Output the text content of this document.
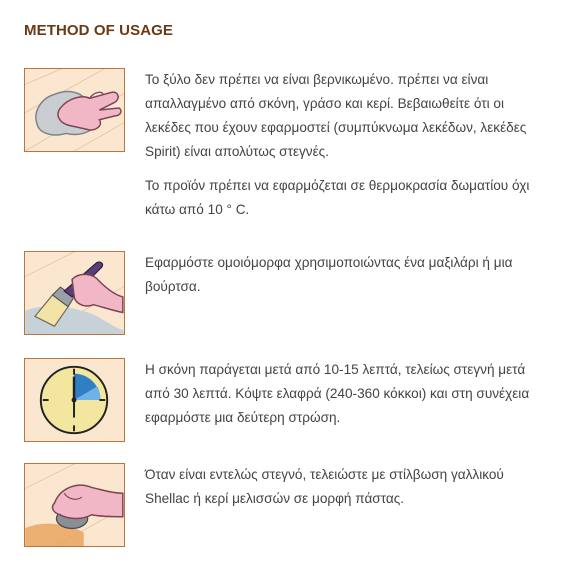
METHOD OF USAGE

Το ξύλο δεν πρέπει να είναι βερνικωμένο. πρέπει να είναι απαλλαγμένο από σκόνη, γράσο και κερί. Βεβαιωθείτε ότι οι λεκέδες που έχουν εφαρμοστεί (συμπύκνωμα λεκέδων, λεκέδες Spirit) είναι απολύτως στεγνές.

Το προϊόν πρέπει να εφαρμόζεται σε θερμοκρασία δωματίου όχι κάτω από 10 ° C.

Εφαρμόστε ομοιόμορφα χρησιμοποιώντας ένα μαξιλάρι ή μια βούρτσα.

Η σκόνη παράγεται μετά από 10-15 λεπτά, τελείως στεγνή μετά από 30 λεπτά. Κόψτε ελαφρά (240-360 κόκκοι) και στη συνέχεια εφαρμόστε μια δεύτερη στρώση.

Όταν είναι εντελώς στεγνό, τελειώστε με στίλβωση γαλλικού Shellac ή κερί μελισσών σε μορφή πάστας.
